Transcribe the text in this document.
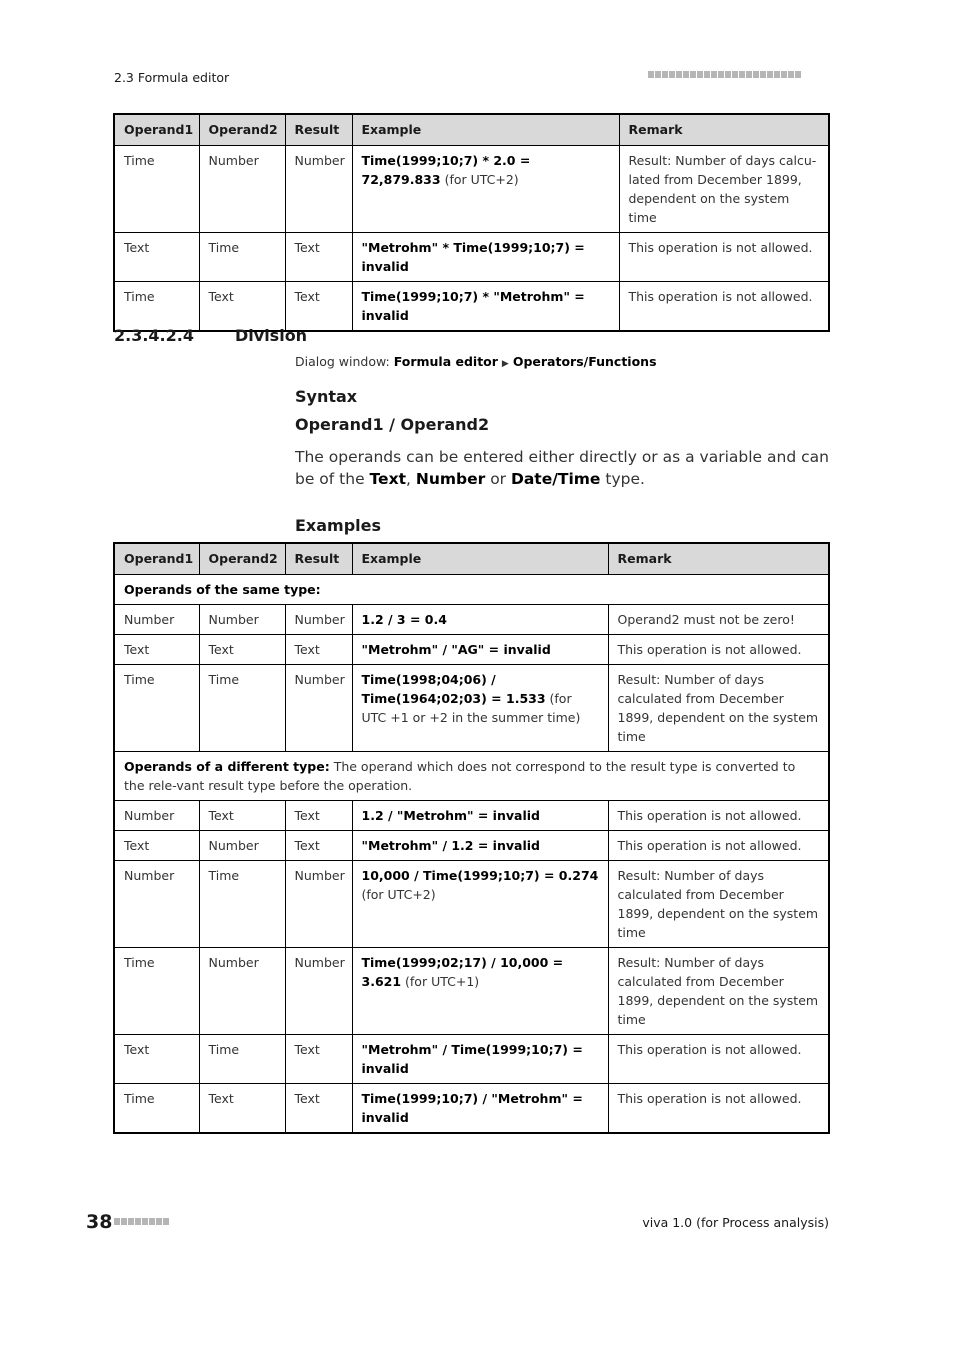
2.3 Formula editor
Operand1	Operand2	Result	Example	Remark
Time	Number	Number	Time(1999;10;7) * 2.0 = 72,879.833 (for UTC+2)	Result: Number of days calcu-lated from December 1899, dependent on the system time
Text	Time	Text	"Metrohm" * Time(1999;10;7) = invalid	This operation is not allowed.
Time	Text	Text	Time(1999;10;7) * "Metrohm" = invalid	This operation is not allowed.
2.3.4.2.4	Division
Dialog window: Formula editor ▶ Operators/Functions
Syntax
Operand1 / Operand2
The operands can be entered either directly or as a variable and can be of the Text, Number or Date/Time type.
Examples
Operand1	Operand2	Result	Example	Remark
Operands of the same type:				
Number	Number	Number	1.2 / 3 = 0.4	Operand2 must not be zero!
Text	Text	Text	"Metrohm" / "AG" = invalid	This operation is not allowed.
Time	Time	Number	Time(1998;04;06) / Time(1964;02;03) = 1.533 (for UTC +1 or +2 in the summer time)	Result: Number of days calculated from December 1899, dependent on the system time
Operands of a different type: The operand which does not correspond to the result type is converted to the rele-vant result type before the operation.				
Number	Text	Text	1.2 / "Metrohm" = invalid	This operation is not allowed.
Text	Number	Text	"Metrohm" / 1.2 = invalid	This operation is not allowed.
Number	Time	Number	10,000 / Time(1999;10;7) = 0.274 (for UTC+2)	Result: Number of days calculated from December 1899, dependent on the system time
Time	Number	Number	Time(1999;02;17) / 10,000 = 3.621 (for UTC+1)	Result: Number of days calculated from December 1899, dependent on the system time
Text	Time	Text	"Metrohm" / Time(1999;10;7) = invalid	This operation is not allowed.
Time	Text	Text	Time(1999;10;7) / "Metrohm" = invalid	This operation is not allowed.
38	viva 1.0 (for Process analysis)
